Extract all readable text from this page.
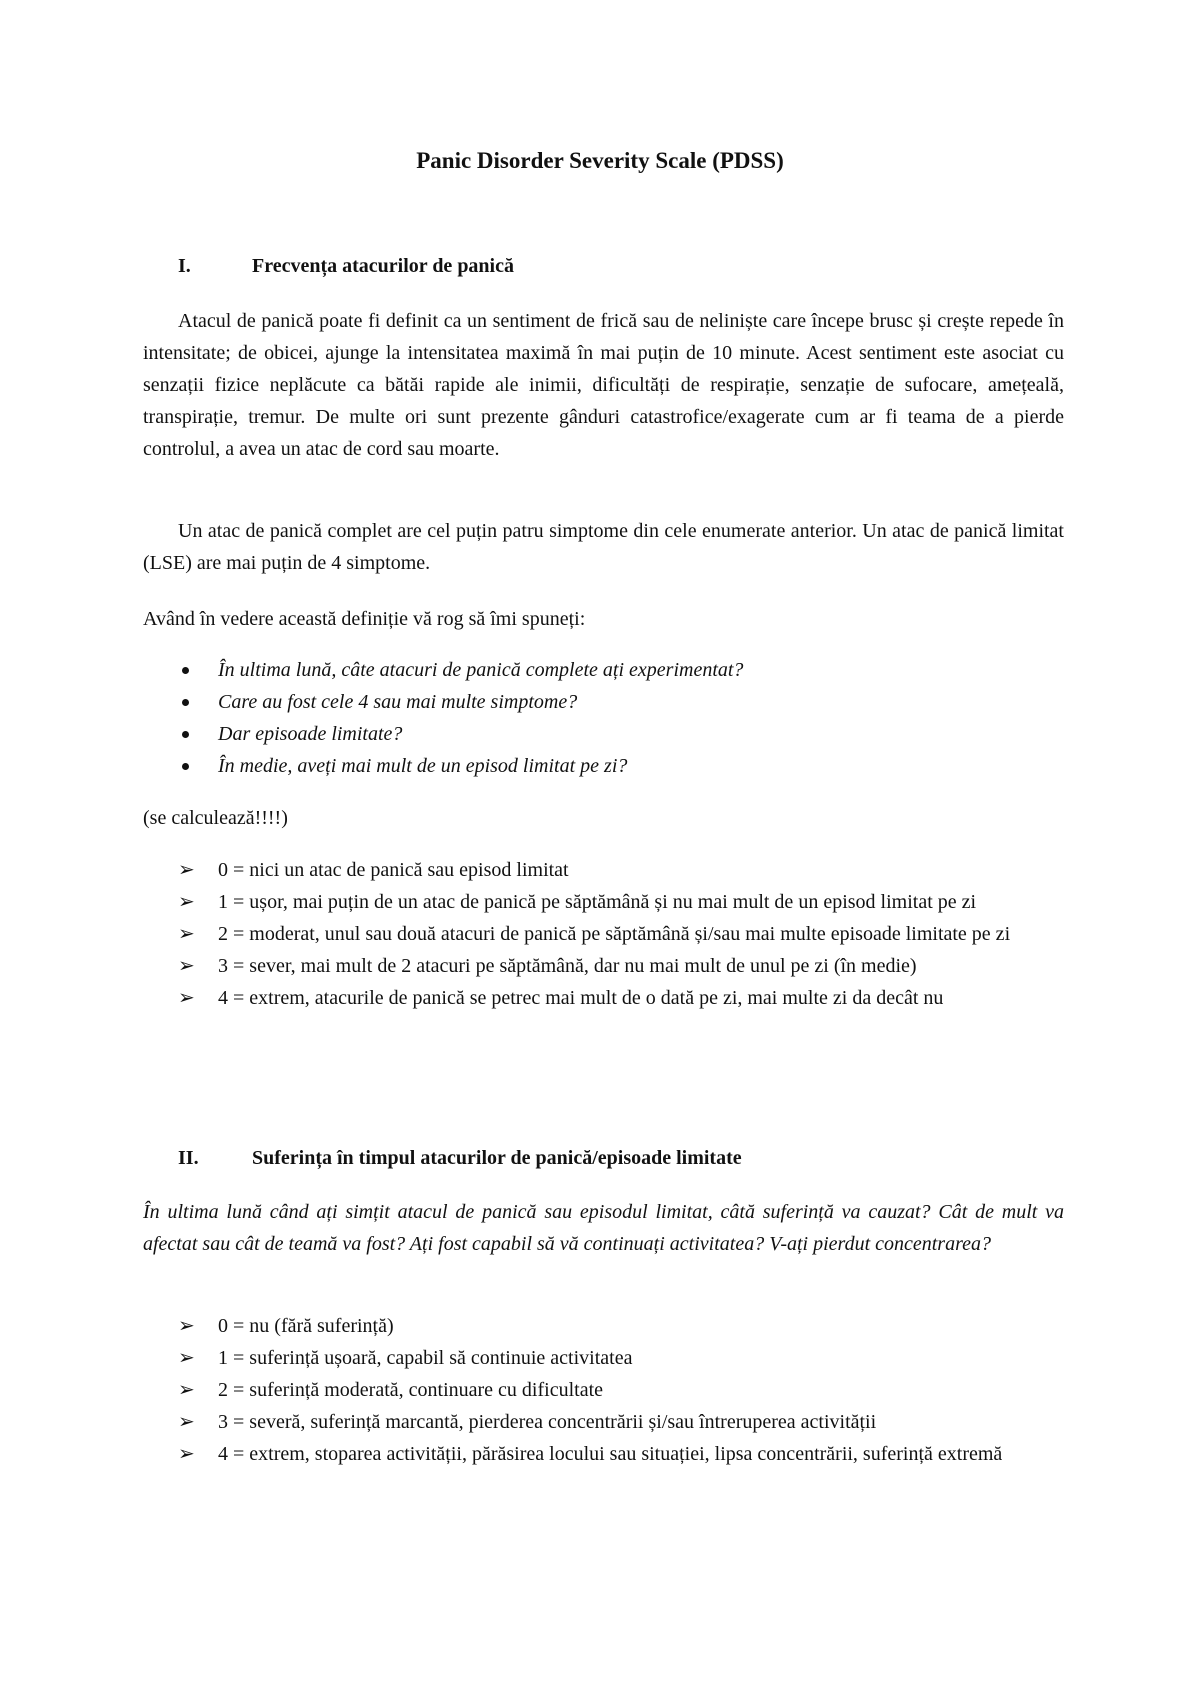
Panic Disorder Severity Scale (PDSS)
I.	Frecvența atacurilor de panică
Atacul de panică poate fi definit ca un sentiment de frică sau de neliniște care începe brusc și crește repede în intensitate; de obicei, ajunge la intensitatea maximă în mai puțin de 10 minute. Acest sentiment este asociat cu senzații fizice neplăcute ca bătăi rapide ale inimii, dificultăți de respirație, senzație de sufocare, amețeală, transpirație, tremur. De multe ori sunt prezente gânduri catastrofice/exagerate cum ar fi teama de a pierde controlul, a avea un atac de cord sau moarte.
Un atac de panică complet are cel puțin patru simptome din cele enumerate anterior. Un atac de panică limitat (LSE) are mai puțin de 4 simptome.
Având în vedere această definiție vă rog să îmi spuneți:
În ultima lună, câte atacuri de panică complete ați experimentat?
Care au fost cele 4 sau mai multe simptome?
Dar episoade limitate?
În medie, aveți mai mult de un episod limitat pe zi?
(se calculează!!!!)
➢ 0 = nici un atac de panică sau episod limitat
➢ 1 = ușor, mai puțin de un atac de panică pe săptămână și nu mai mult de un episod limitat pe zi
➢ 2 = moderat, unul sau două atacuri de panică pe săptămână și/sau mai multe episoade limitate pe zi
➢ 3 = sever, mai mult de 2 atacuri pe săptămână, dar nu mai mult de unul pe zi (în medie)
➢ 4 = extrem, atacurile de panică se petrec mai mult de o dată pe zi, mai multe zi da decât nu
II.	Suferința în timpul atacurilor de panică/episoade limitate
În ultima lună când ați simțit atacul de panică sau episodul limitat, câtă suferință va cauzat? Cât de mult va afectat sau cât de teamă va fost? Ați fost capabil să vă continuați activitatea? V-ați pierdut concentrarea?
➢ 0 = nu (fără suferință)
➢ 1 = suferință ușoară, capabil să continuie activitatea
➢ 2 = suferință moderată, continuare cu dificultate
➢ 3 = severă, suferință marcantă, pierderea concentrării și/sau întreruperea activității
➢ 4 = extrem, stoparea activității, părăsirea locului sau situației, lipsa concentrării, suferință extremă
